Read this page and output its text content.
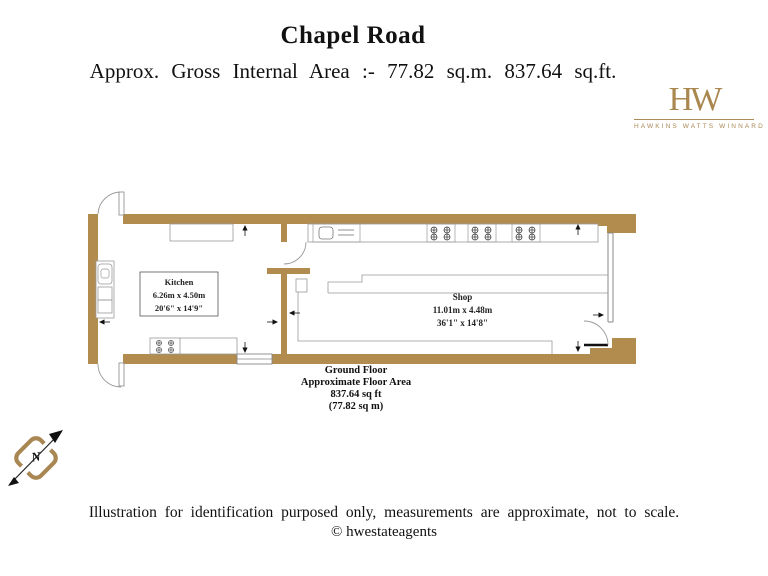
Chapel Road
Approx. Gross Internal Area :- 77.82 sq.m. 837.64 sq.ft.
HW
HAWKINS WATTS WINNARD
Kitchen
6.26m x 4.50m
20'6" x 14'9"
Shop
11.01m x 4.48m
36'1" x 14'8"
Ground Floor
Approximate Floor Area
837.64 sq ft
(77.82 sq m)
N
Illustration for identification purposed only, measurements are approximate, not to scale.
© hwestateagents
